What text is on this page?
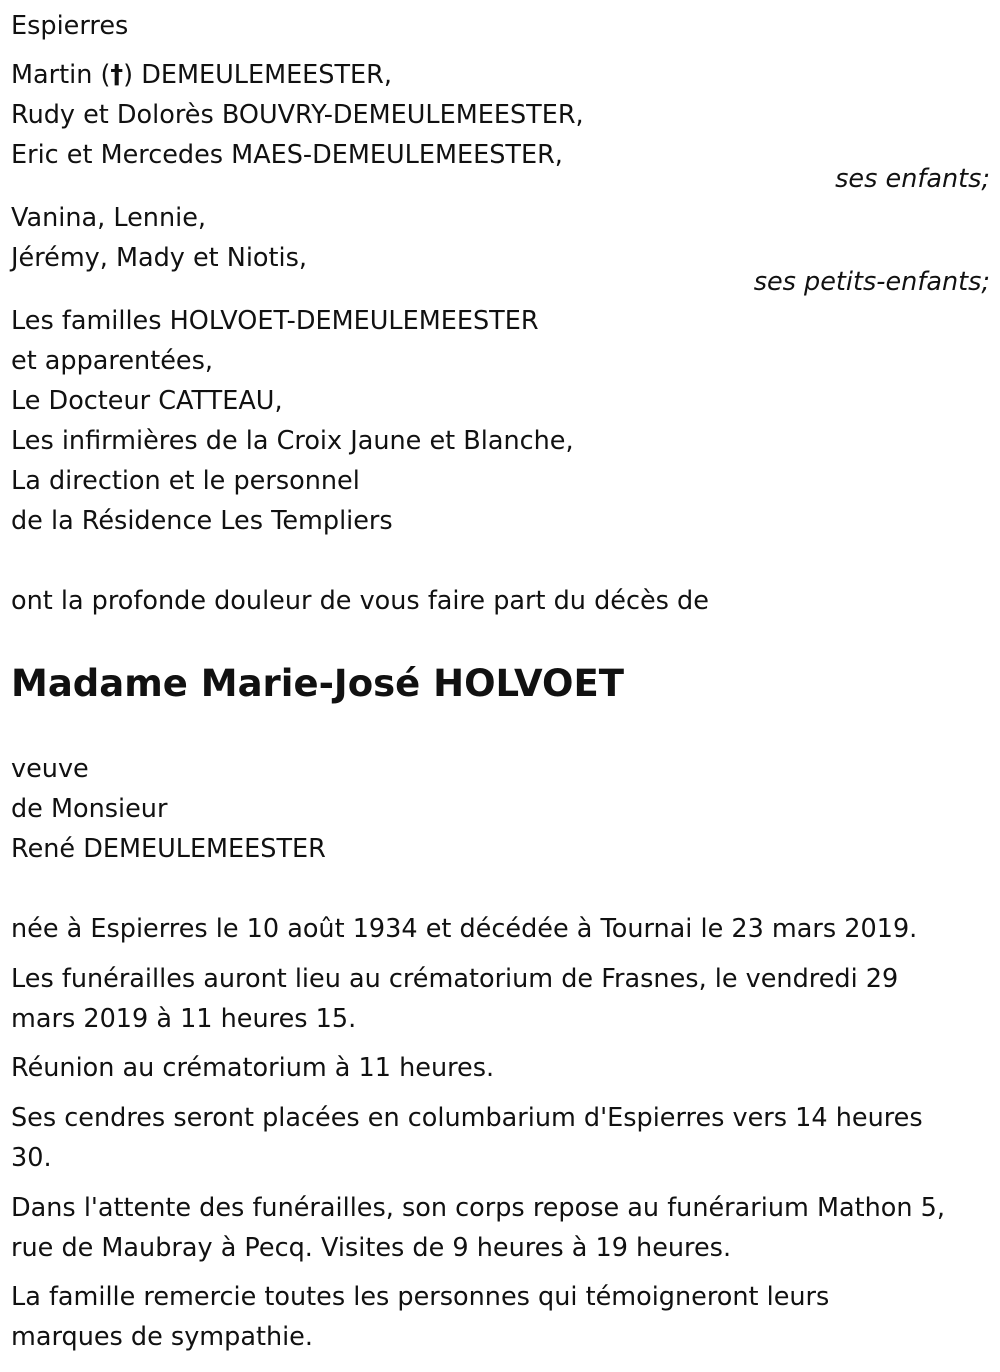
Espierres
Martin (†) DEMEULEMEESTER,
Rudy et Dolorès BOUVRY-DEMEULEMEESTER,
Eric et Mercedes MAES-DEMEULEMEESTER,
ses enfants;
Vanina, Lennie,
Jérémy, Mady et Niotis,
ses petits-enfants;
Les familles HOLVOET-DEMEULEMEESTER
et apparentées,
Le Docteur CATTEAU,
Les infirmières de la Croix Jaune et Blanche,
La direction et le personnel
de la Résidence Les Templiers
ont la profonde douleur de vous faire part du décès de
Madame Marie-José HOLVOET
veuve
de Monsieur
René DEMEULEMEESTER
née à Espierres le 10 août 1934 et décédée à Tournai le 23 mars 2019.
Les funérailles auront lieu au crématorium de Frasnes, le vendredi 29
mars 2019 à 11 heures 15.
Réunion au crématorium à 11 heures.
Ses cendres seront placées en columbarium d'Espierres vers 14 heures
30.
Dans l'attente des funérailles, son corps repose au funérarium Mathon 5,
rue de Maubray à Pecq. Visites de 9 heures à 19 heures.
La famille remercie toutes les personnes qui témoigneront leurs
marques de sympathie.
